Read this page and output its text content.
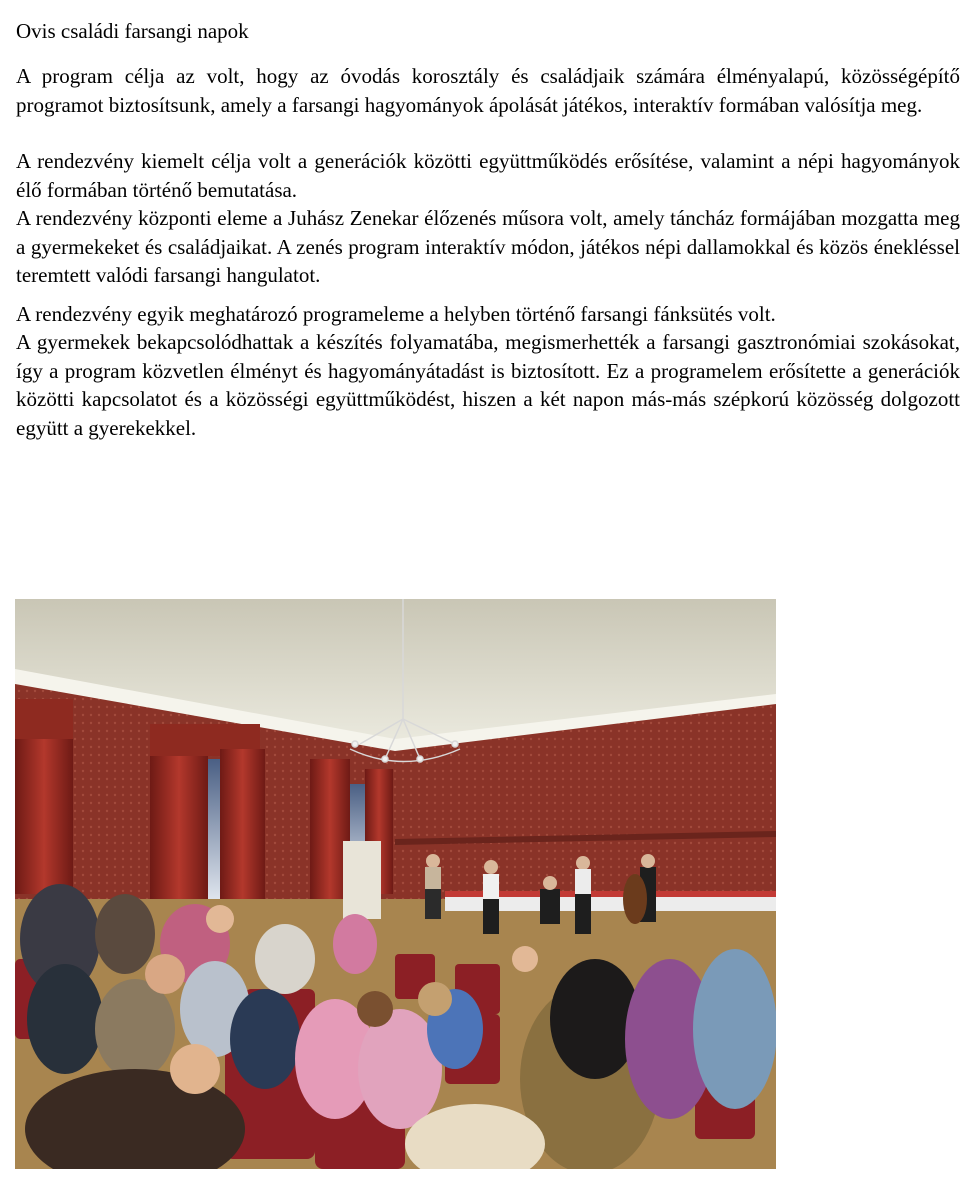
Ovis családi farsangi napok

A program célja az volt, hogy az óvodás korosztály és családjaik számára élményalapú, közösségépítő programot biztosítsunk, amely a farsangi hagyományok ápolását játékos, interaktív formában valósítja meg.

A rendezvény kiemelt célja volt a generációk közötti együttműködés erősítése, valamint a népi hagyományok élő formában történő bemutatása.

A rendezvény központi eleme a Juhász Zenekar élőzenés műsora volt, amely táncház formájában mozgatta meg a gyermekeket és családjaikat. A zenés program interaktív módon, játékos népi dallamokkal és közös énekléssel teremtett valódi farsangi hangulatot.

A rendezvény egyik meghatározó programeleme a helyben történő farsangi fánksütés volt.

A gyermekek bekapcsolódhattak a készítés folyamatába, megismerhették a farsangi gasztronómiai szokásokat, így a program közvetlen élményt és hagyományátadást is biztosított. Ez a programelem erősítette a generációk közötti kapcsolatot és a közösségi együttműködést, hiszen a két napon más-más szépkorú közösség dolgozott együtt a gyerekekkel.
